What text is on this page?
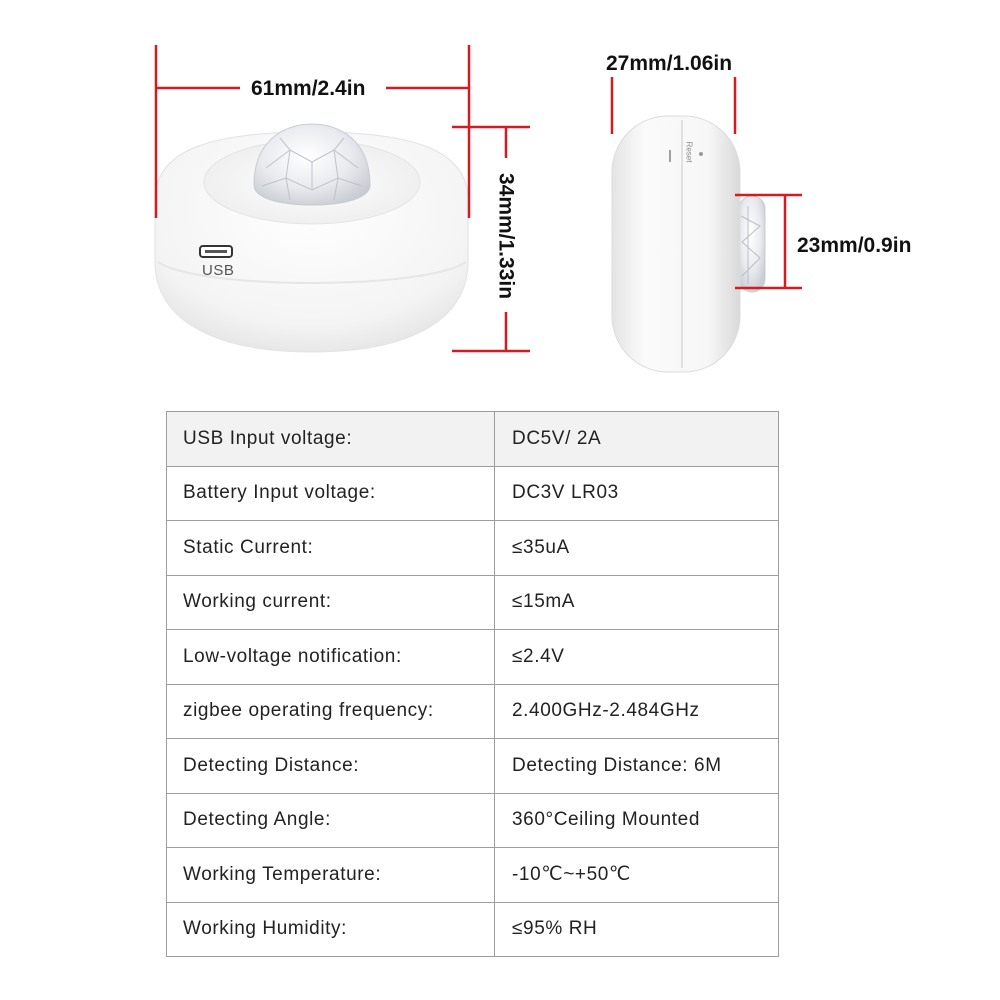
61mm/2.4in
34mm/1.33in
27mm/1.06in
23mm/0.9in
USB
Reset
USB Input voltage:	DC5V/ 2A
Battery Input voltage:	DC3V LR03
Static Current:	≤35uA
Working current:	≤15mA
Low-voltage notification:	≤2.4V
zigbee operating frequency:	2.400GHz-2.484GHz
Detecting Distance:	Detecting Distance: 6M
Detecting Angle:	360°Ceiling Mounted
Working Temperature:	-10℃~+50℃
Working Humidity:	≤95% RH
